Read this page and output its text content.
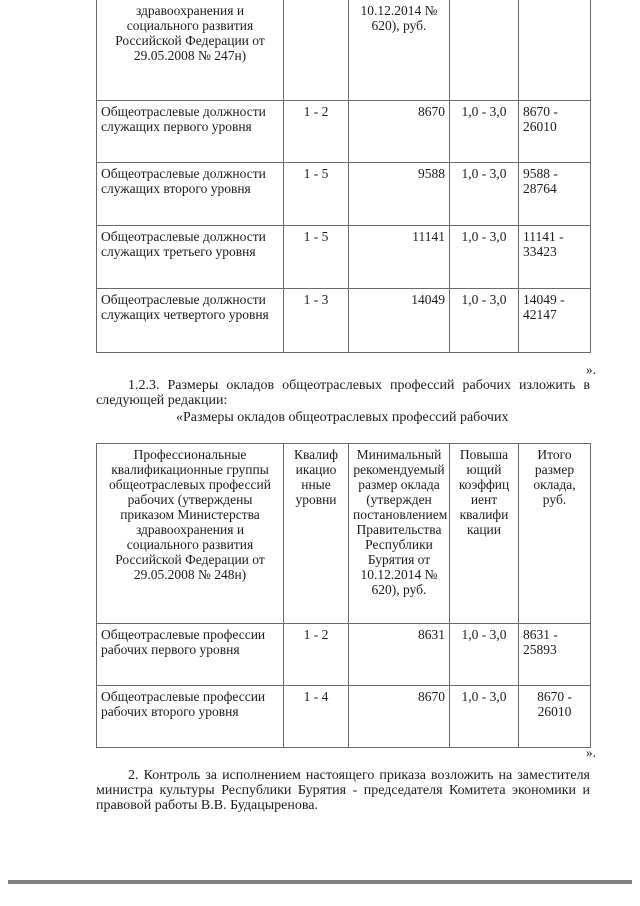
здравоохранения и социального развития Российской Федерации от 29.05.2008 № 247н)		10.12.2014 № 620), руб.		
Общеотраслевые должности служащих первого уровня	1 - 2	8670	1,0 - 3,0	8670 - 26010
Общеотраслевые должности служащих второго уровня	1 - 5	9588	1,0 - 3,0	9588 - 28764
Общеотраслевые должности служащих третьего уровня	1 - 5	11141	1,0 - 3,0	11141 - 33423
Общеотраслевые должности служащих четвертого уровня	1 - 3	14049	1,0 - 3,0	14049 - 42147
».

1.2.3. Размеры окладов общеотраслевых профессий рабочих изложить в следующей редакции:

«Размеры окладов общеотраслевых профессий рабочих

Профессиональные квалификационные группы общеотраслевых профессий рабочих (утверждены приказом Министерства здравоохранения и социального развития Российской Федерации от 29.05.2008 № 248н)	Квалиф икацио нные уровни	Минимальный рекомендуемый размер оклада (утвержден постановлением Правительства Республики Бурятия от 10.12.2014 № 620), руб.	Повыша ющий коэффиц иент квалифи кации	Итого размер оклада, руб.
Общеотраслевые профессии рабочих первого уровня	1 - 2	8631	1,0 - 3,0	8631 - 25893
Общеотраслевые профессии рабочих второго уровня	1 - 4	8670	1,0 - 3,0	8670 - 26010
».

2. Контроль за исполнением настоящего приказа возложить на заместителя министра культуры Республики Бурятия - председателя Комитета экономики и правовой работы В.В. Будацыренова.
